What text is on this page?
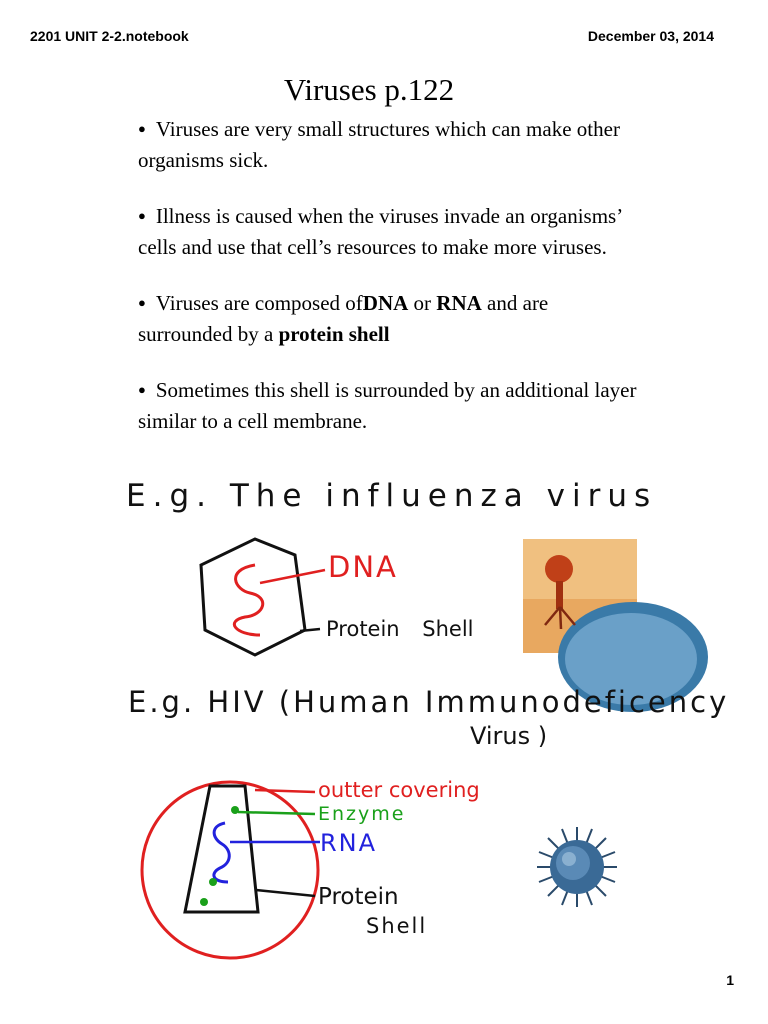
2201 UNIT 2-2.notebook	December 03, 2014
Viruses p.122
● Viruses are very small structures which can make other organisms sick.
● Illness is caused when the viruses invade an organisms’ cells and use that cell’s resources to make more viruses.
● Viruses are composed ofDNA or RNA and are surrounded by a protein shell
● Sometimes this shell is surrounded by an additional layer similar to a cell membrane.
E.g. The influenza virus
DNA
Protein Shell
E.g. HIV (Human Immunodeficency
Virus )
outter covering
Enzyme
RNA
Protein
Shell
1
